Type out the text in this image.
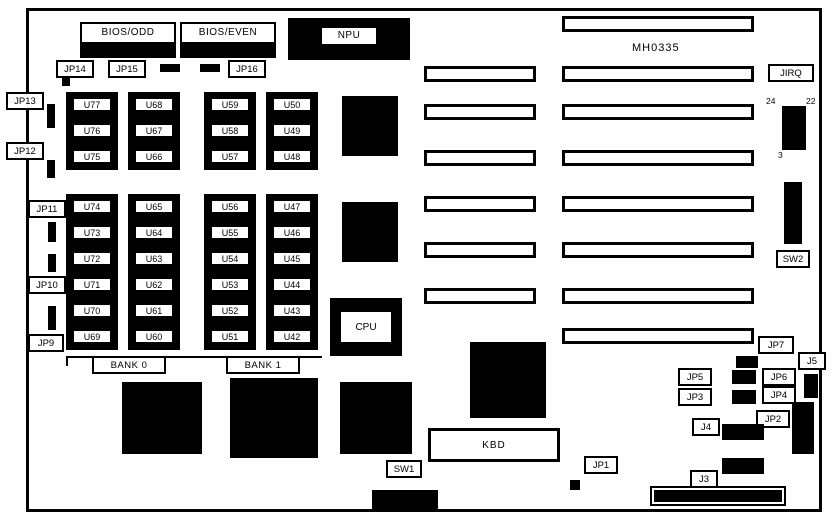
BIOS/ODD	BIOS/EVEN	NPU
MH0335
JIRQ
24	22
3
SW2
JP14	JP15	JP16
JP13
JP12
JP11
JP10
JP9
U77
U76
U75
U74
U73
U72
U71
U70
U69
U68
U67
U66
U65
U64
U63
U62
U61
U60
U59
U58
U57
U56
U55
U54
U53
U52
U51
U50
U49
U48
U47
U46
U45
U44
U43
U42
BANK 0	BANK 1
CPU
KBD
SW1	JP1
JP7
JP6
JP5
JP4
JP3
JP2
J5
J4
J3
